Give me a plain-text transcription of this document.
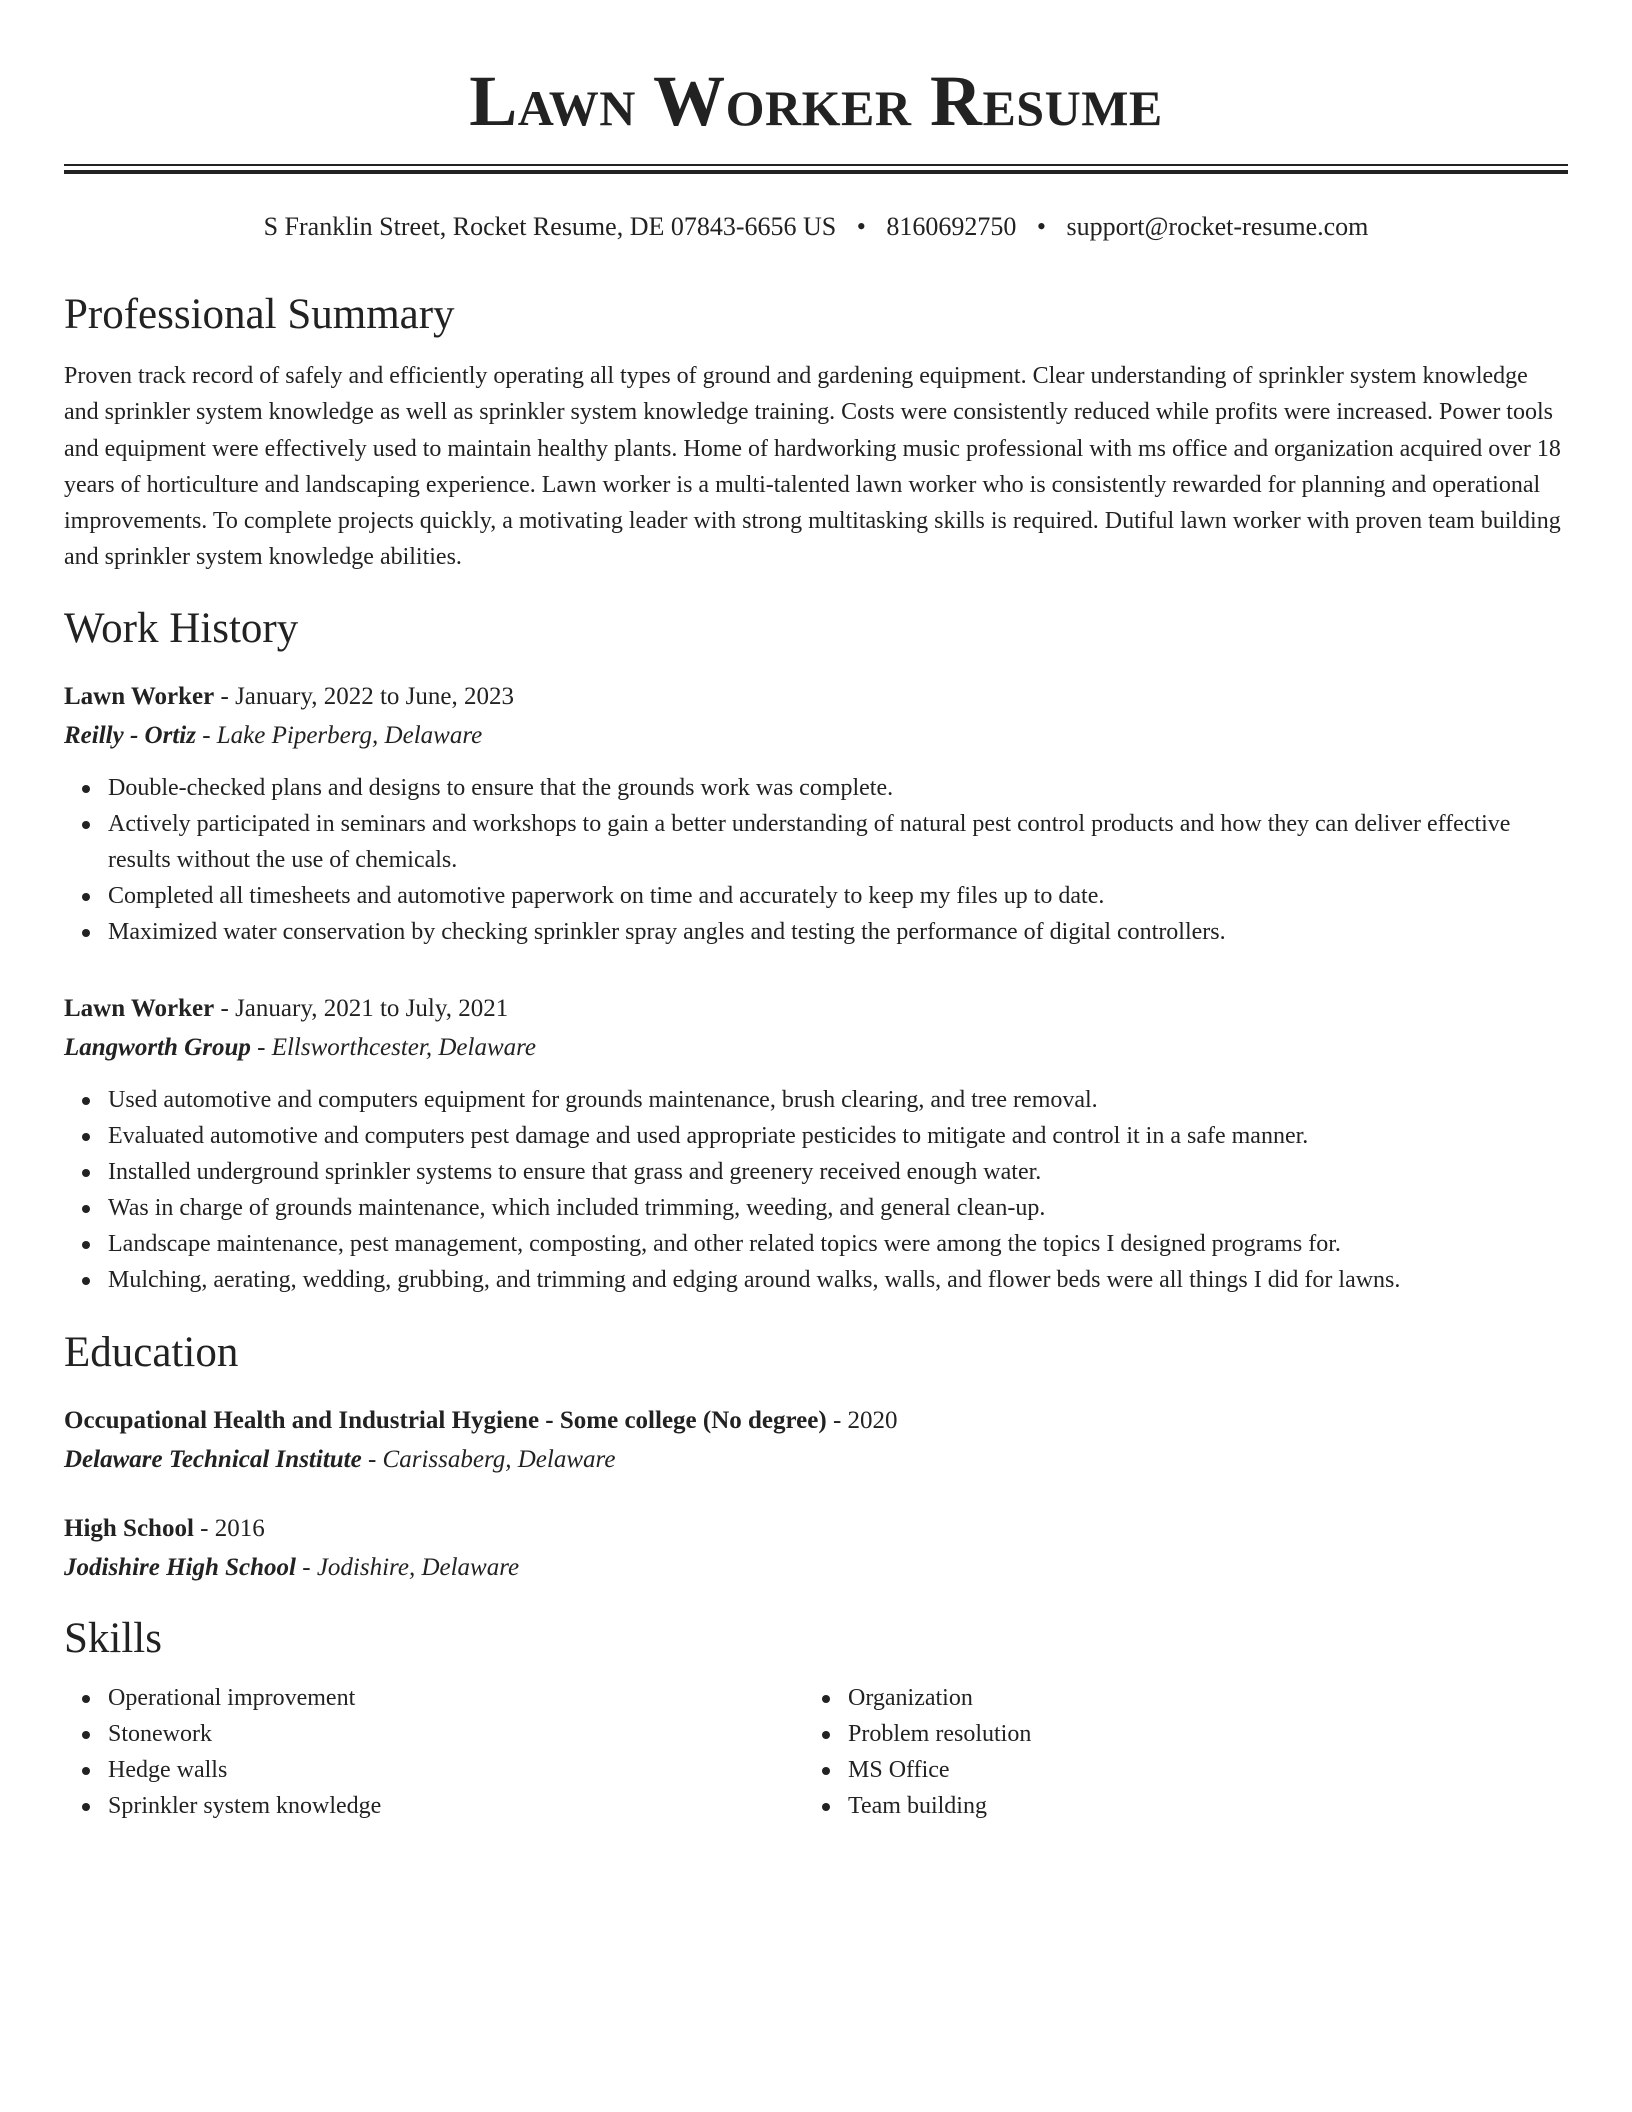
Lawn Worker Resume
S Franklin Street, Rocket Resume, DE 07843-6656 US • 8160692750 • support@rocket-resume.com
Professional Summary

Proven track record of safely and efficiently operating all types of ground and gardening equipment. Clear understanding of sprinkler system knowledge and sprinkler system knowledge as well as sprinkler system knowledge training. Costs were consistently reduced while profits were increased. Power tools and equipment were effectively used to maintain healthy plants. Home of hardworking music professional with ms office and organization acquired over 18 years of horticulture and landscaping experience. Lawn worker is a multi-talented lawn worker who is consistently rewarded for planning and operational improvements. To complete projects quickly, a motivating leader with strong multitasking skills is required. Dutiful lawn worker with proven team building and sprinkler system knowledge abilities.

Work History
Lawn Worker - January, 2022 to June, 2023
Reilly - Ortiz - Lake Piperberg, Delaware
Double-checked plans and designs to ensure that the grounds work was complete.
Actively participated in seminars and workshops to gain a better understanding of natural pest control products and how they can deliver effective results without the use of chemicals.
Completed all timesheets and automotive paperwork on time and accurately to keep my files up to date.
Maximized water conservation by checking sprinkler spray angles and testing the performance of digital controllers.
Lawn Worker - January, 2021 to July, 2021
Langworth Group - Ellsworthcester, Delaware
Used automotive and computers equipment for grounds maintenance, brush clearing, and tree removal.
Evaluated automotive and computers pest damage and used appropriate pesticides to mitigate and control it in a safe manner.
Installed underground sprinkler systems to ensure that grass and greenery received enough water.
Was in charge of grounds maintenance, which included trimming, weeding, and general clean-up.
Landscape maintenance, pest management, composting, and other related topics were among the topics I designed programs for.
Mulching, aerating, wedding, grubbing, and trimming and edging around walks, walls, and flower beds were all things I did for lawns.
Education
Occupational Health and Industrial Hygiene - Some college (No degree) - 2020
Delaware Technical Institute - Carissaberg, Delaware
High School - 2016
Jodishire High School - Jodishire, Delaware
Skills
Operational improvement
Stonework
Hedge walls
Sprinkler system knowledge
Organization
Problem resolution
MS Office
Team building
